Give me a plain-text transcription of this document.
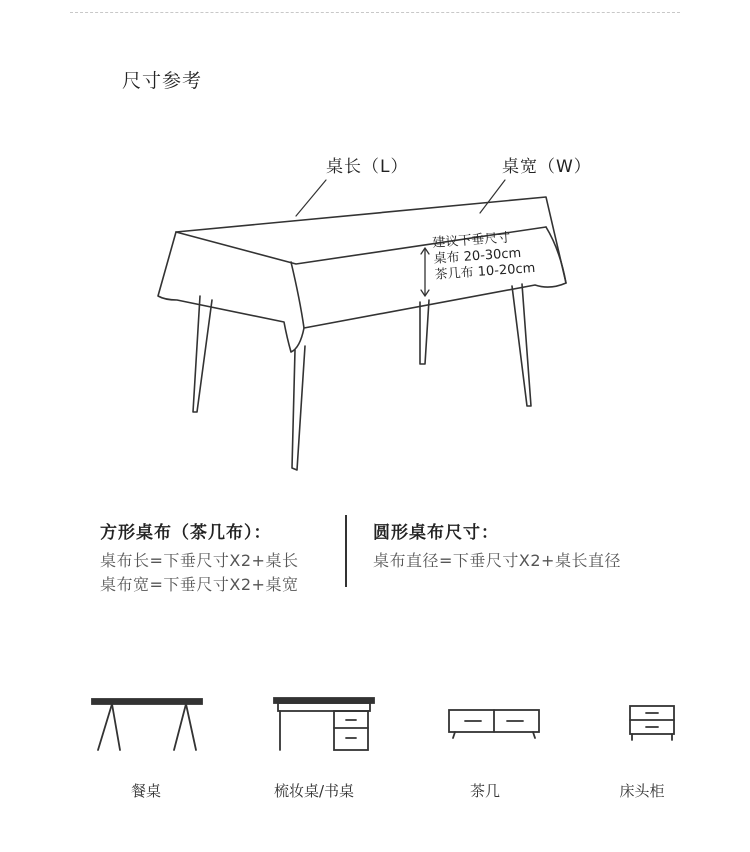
尺寸参考
桌长（L）	桌宽（W）
建议下垂尺寸
桌布 20-30cm
茶几布 10-20cm
方形桌布（茶几布）：
桌布长=下垂尺寸X2+桌长
桌布宽=下垂尺寸X2+桌宽
圆形桌布尺寸：
桌布直径=下垂尺寸X2+桌长直径
餐桌	梳妆桌/书桌	茶几	床头柜
